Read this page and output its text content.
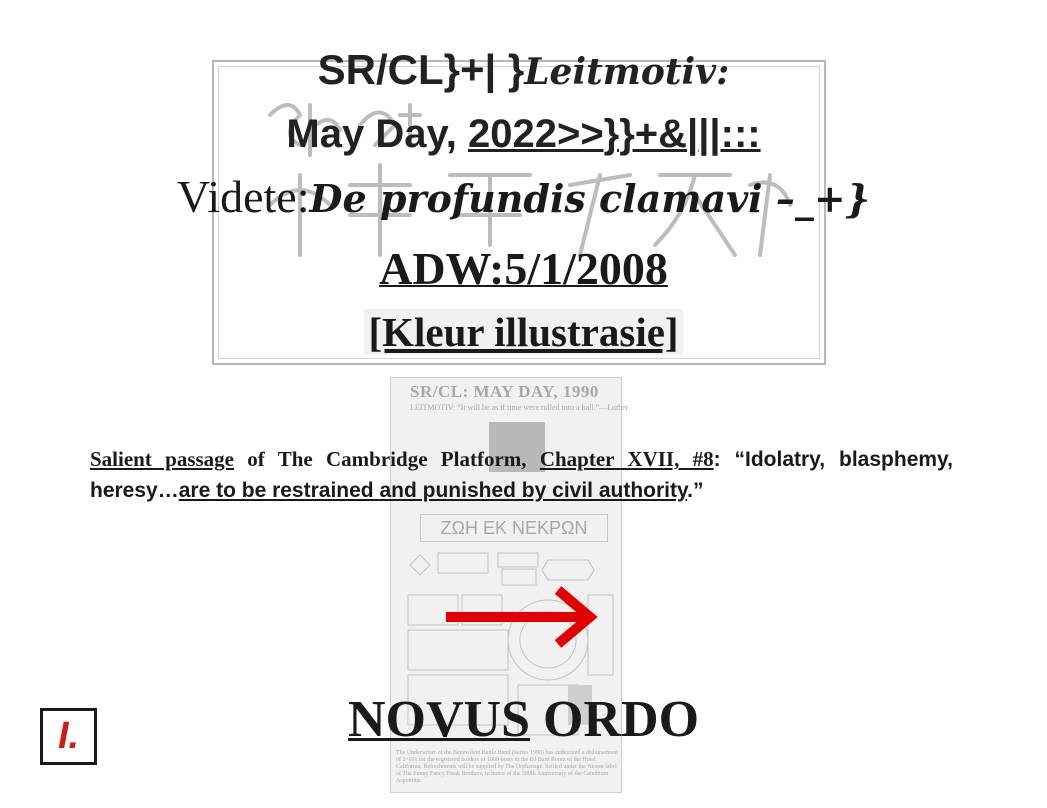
SR/CL: MAY DAY, 1990
LEITMOTIV: “It will be as if time were rolled into a ball.”—Luther
ΖΩΗ ΕΚ ΝΕΚΡΩΝ
The Underwriter of the Benevolent Battle Band (Series 1990) has authorized a disbursement of 2^101 for the registered holders of 1000 bears in the Ed Bard Room of the Hotel California. Refreshments will be supplied by The Orphanage. Settled under the Nissan label of The Funny Fancy Freak Brothers, in honor of the 500th Anniversary of the Cenobium Aspontius.
SR/CL}+| }Leitmotiv:
May Day, 2022>>}}+&|||:::
Videte:De profundis clamavi –_+}
ADW:5/1/2008
[Kleur illustrasie]
Salient passage of The Cambridge Platform, Chapter XVII, #8: “Idolatry, blasphemy, heresy…are to be restrained and punished by civil authority.”
NOVUS ORDO
I.
